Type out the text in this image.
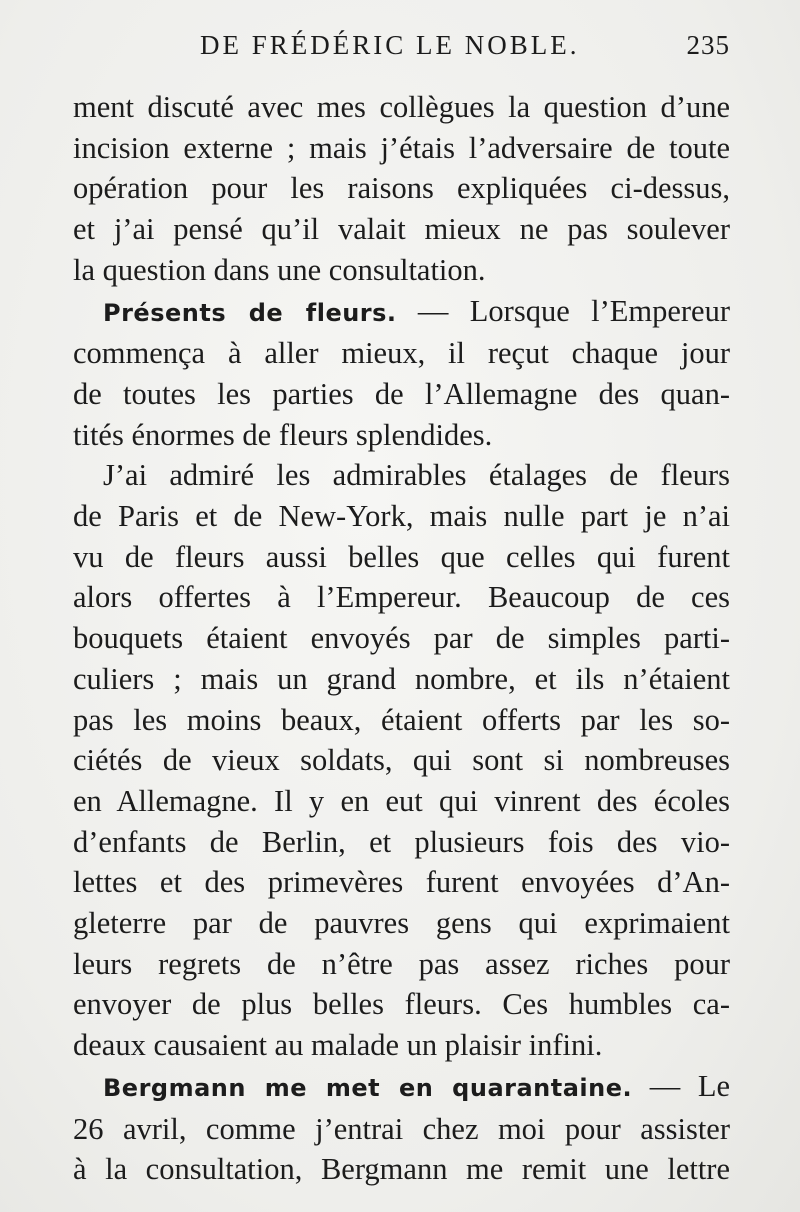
DE FRÉDÉRIC LE NOBLE.	235

ment discuté avec mes collègues la question d’une
incision externe ; mais j’étais l’adversaire de toute
opération pour les raisons expliquées ci-dessus,
et j’ai pensé qu’il valait mieux ne pas soulever

la question dans une consultation.

Présents de fleurs. — Lorsque l’Empereur
commença à aller mieux, il reçut chaque jour
de toutes les parties de l’Allemagne des quan-

tités énormes de fleurs splendides.

J’ai admiré les admirables étalages de fleurs
de Paris et de New-York, mais nulle part je n’ai
vu de fleurs aussi belles que celles qui furent
alors offertes à l’Empereur. Beaucoup de ces
bouquets étaient envoyés par de simples parti-
culiers ; mais un grand nombre, et ils n’étaient
pas les moins beaux, étaient offerts par les so-
ciétés de vieux soldats, qui sont si nombreuses
en Allemagne. Il y en eut qui vinrent des écoles
d’enfants de Berlin, et plusieurs fois des vio-
lettes et des primevères furent envoyées d’An-
gleterre par de pauvres gens qui exprimaient
leurs regrets de n’être pas assez riches pour
envoyer de plus belles fleurs. Ces humbles ca-

deaux causaient au malade un plaisir infini.

Bergmann me met en quarantaine. — Le
26 avril, comme j’entrai chez moi pour assister
à la consultation, Bergmann me remit une lettre
